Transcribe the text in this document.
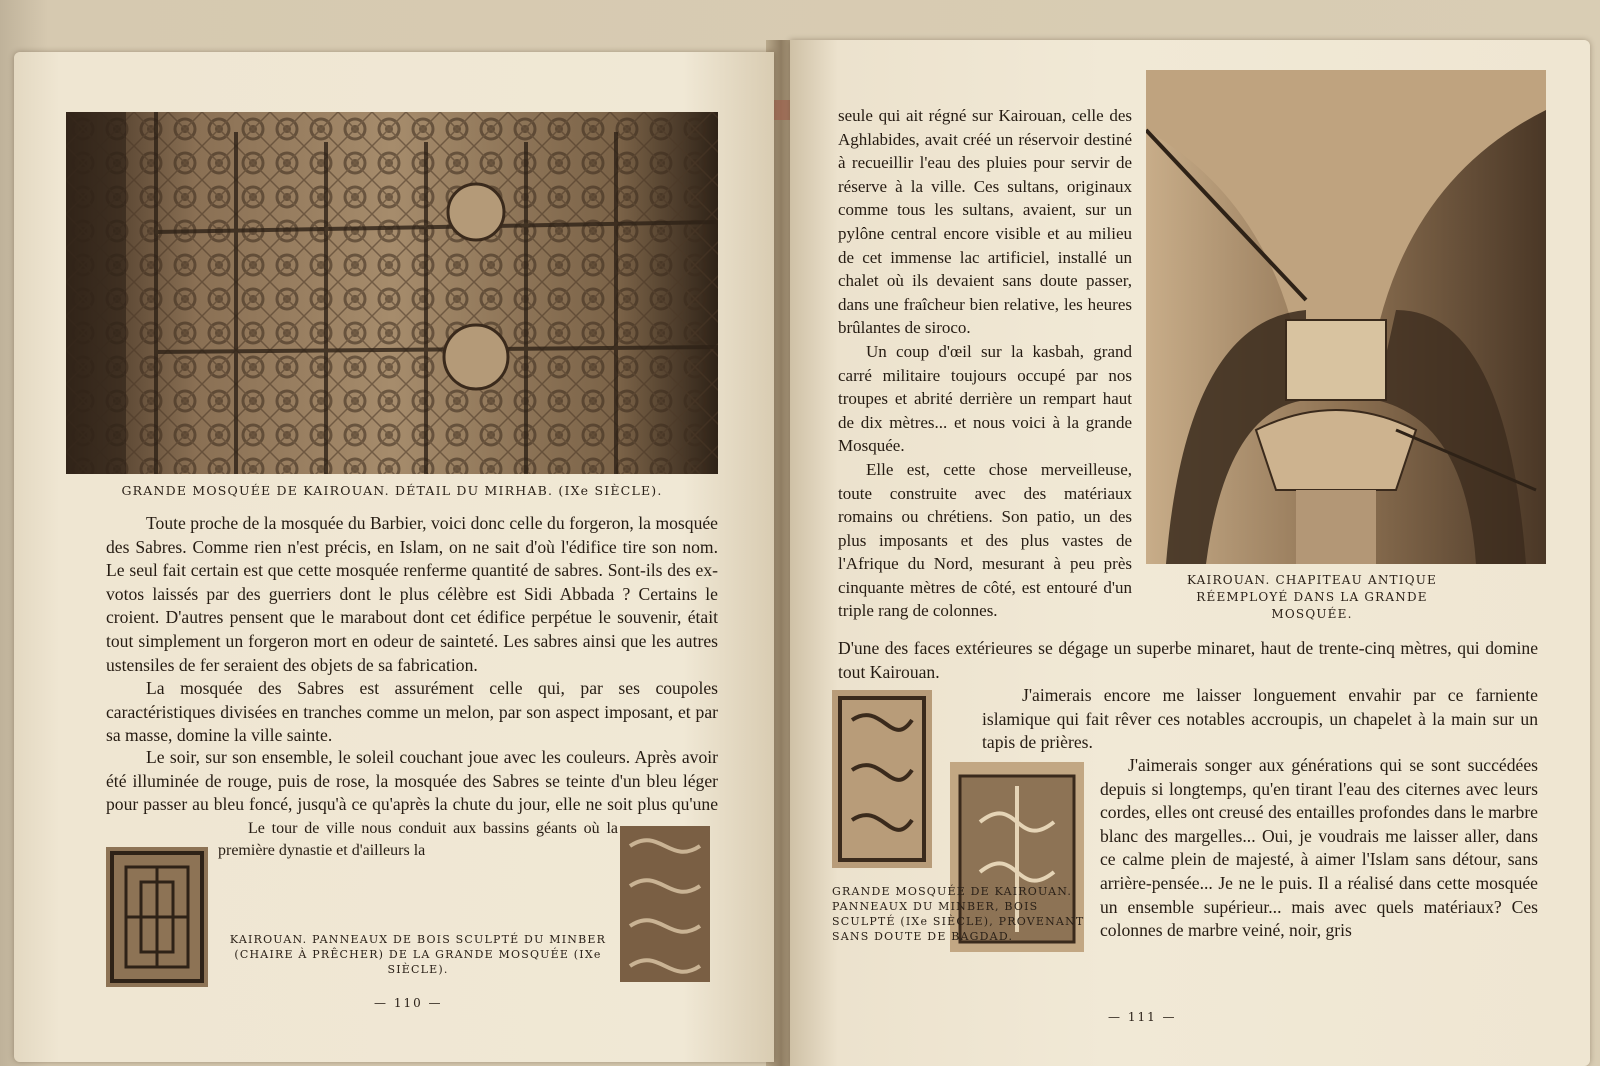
GRANDE MOSQUÉE DE KAIROUAN. DÉTAIL DU MIRHAB. (IXe SIÈCLE).

Toute proche de la mosquée du Barbier, voici donc celle du forgeron, la mosquée des Sabres. Comme rien n'est précis, en Islam, on ne sait d'où l'édifice tire son nom. Le seul fait certain est que cette mosquée renferme quantité de sabres. Sont-ils des ex-votos laissés par des guerriers dont le plus célèbre est Sidi Abbada ? Certains le croient. D'autres pensent que le marabout dont cet édifice perpétue le souvenir, était tout simplement un forgeron mort en odeur de sainteté. Les sabres ainsi que les autres ustensiles de fer seraient des objets de sa fabrication.

La mosquée des Sabres est assurément celle qui, par ses coupoles caractéristiques divisées en tranches comme un melon, par son aspect imposant, et par sa masse, domine la ville sainte.

Le soir, sur son ensemble, le soleil couchant joue avec les couleurs. Après avoir été illuminée de rouge, puis de rose, la mosquée des Sabres se teinte d'un bleu léger pour passer au bleu foncé, jusqu'à ce qu'après la chute du jour, elle ne soit plus qu'une

Le tour de ville nous conduit aux bassins géants où la première dynastie et d'ailleurs la

KAIROUAN. PANNEAUX DE BOIS SCULPTÉ DU MINBER (CHAIRE À PRÊCHER) DE LA GRANDE MOSQUÉE (IXe SIÈCLE).
— 110 —

seule qui ait régné sur Kairouan, celle des Aghlabides, avait créé un réservoir destiné à recueillir l'eau des pluies pour servir de réserve à la ville. Ces sultans, originaux comme tous les sultans, avaient, sur un pylône central encore visible et au milieu de cet immense lac artificiel, installé un chalet où ils devaient sans doute passer, dans une fraîcheur bien relative, les heures brûlantes de siroco.

Un coup d'œil sur la kasbah, grand carré militaire toujours occupé par nos troupes et abrité derrière un rempart haut de dix mètres... et nous voici à la grande Mosquée.

Elle est, cette chose merveilleuse, toute construite avec des matériaux romains ou chrétiens. Son patio, un des plus imposants et des plus vastes de l'Afrique du Nord, mesurant à peu près cinquante mètres de côté, est entouré d'un triple rang de colonnes.

KAIROUAN. CHAPITEAU ANTIQUE RÉEMPLOYÉ DANS LA GRANDE MOSQUÉE.
D'une des faces extérieures se dégage un superbe minaret, haut de trente-cinq mètres, qui domine tout Kairouan.
J'aimerais encore me laisser longuement envahir par ce farniente islamique qui fait rêver ces notables accroupis, un chapelet à la main sur un tapis de prières.
J'aimerais songer aux générations qui se sont succédées depuis si longtemps, qu'en tirant l'eau des citernes avec leurs cordes, elles ont creusé des entailles profondes dans le marbre blanc des margelles... Oui, je voudrais me laisser aller, dans ce calme plein de majesté, à aimer l'Islam sans détour, sans arrière-pensée... Je ne le puis. Il a réalisé dans cette mosquée un ensemble supérieur... mais avec quels matériaux? Ces colonnes de marbre veiné, noir, gris
GRANDE MOSQUÉE DE KAIROUAN. PANNEAUX DU MINBER, BOIS SCULPTÉ (IXe SIÈCLE), PROVENANT SANS DOUTE DE BAGDAD.
— 111 —
